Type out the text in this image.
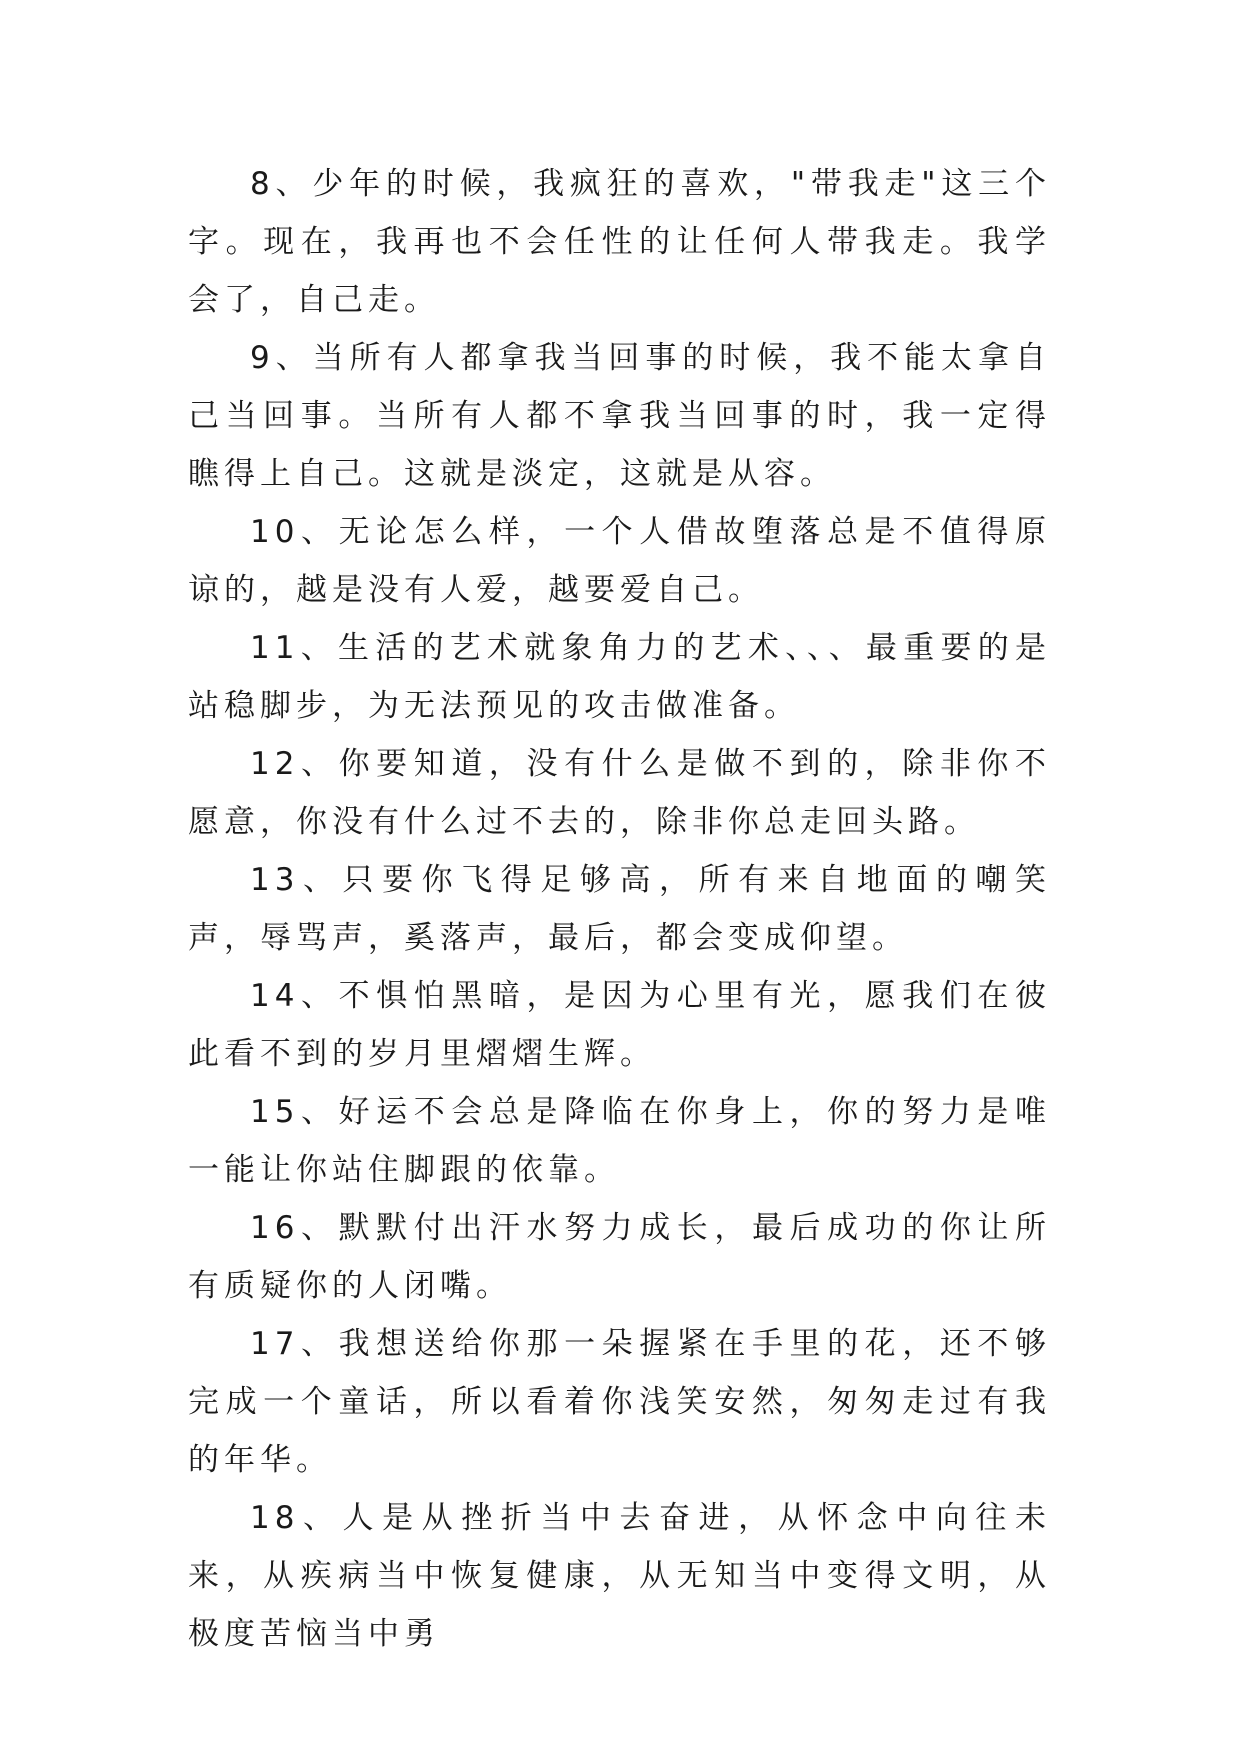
8、少年的时候，我疯狂的喜欢，"带我走"这三个字。现在，我再也不会任性的让任何人带我走。我学会了，自己走。

9、当所有人都拿我当回事的时候，我不能太拿自己当回事。当所有人都不拿我当回事的时，我一定得瞧得上自己。这就是淡定，这就是从容。

10、无论怎么样，一个人借故堕落总是不值得原谅的，越是没有人爱，越要爱自己。

11、生活的艺术就象角力的艺术、、、最重要的是站稳脚步，为无法预见的攻击做准备。

12、你要知道，没有什么是做不到的，除非你不愿意，你没有什么过不去的，除非你总走回头路。

13、只要你飞得足够高，所有来自地面的嘲笑声，辱骂声，奚落声，最后，都会变成仰望。

14、不惧怕黑暗，是因为心里有光，愿我们在彼此看不到的岁月里熠熠生辉。

15、好运不会总是降临在你身上，你的努力是唯一能让你站住脚跟的依靠。

16、默默付出汗水努力成长，最后成功的你让所有质疑你的人闭嘴。

17、我想送给你那一朵握紧在手里的花，还不够完成一个童话，所以看着你浅笑安然，匆匆走过有我的年华。

18、人是从挫折当中去奋进，从怀念中向往未来，从疾病当中恢复健康，从无知当中变得文明，从极度苦恼当中勇
